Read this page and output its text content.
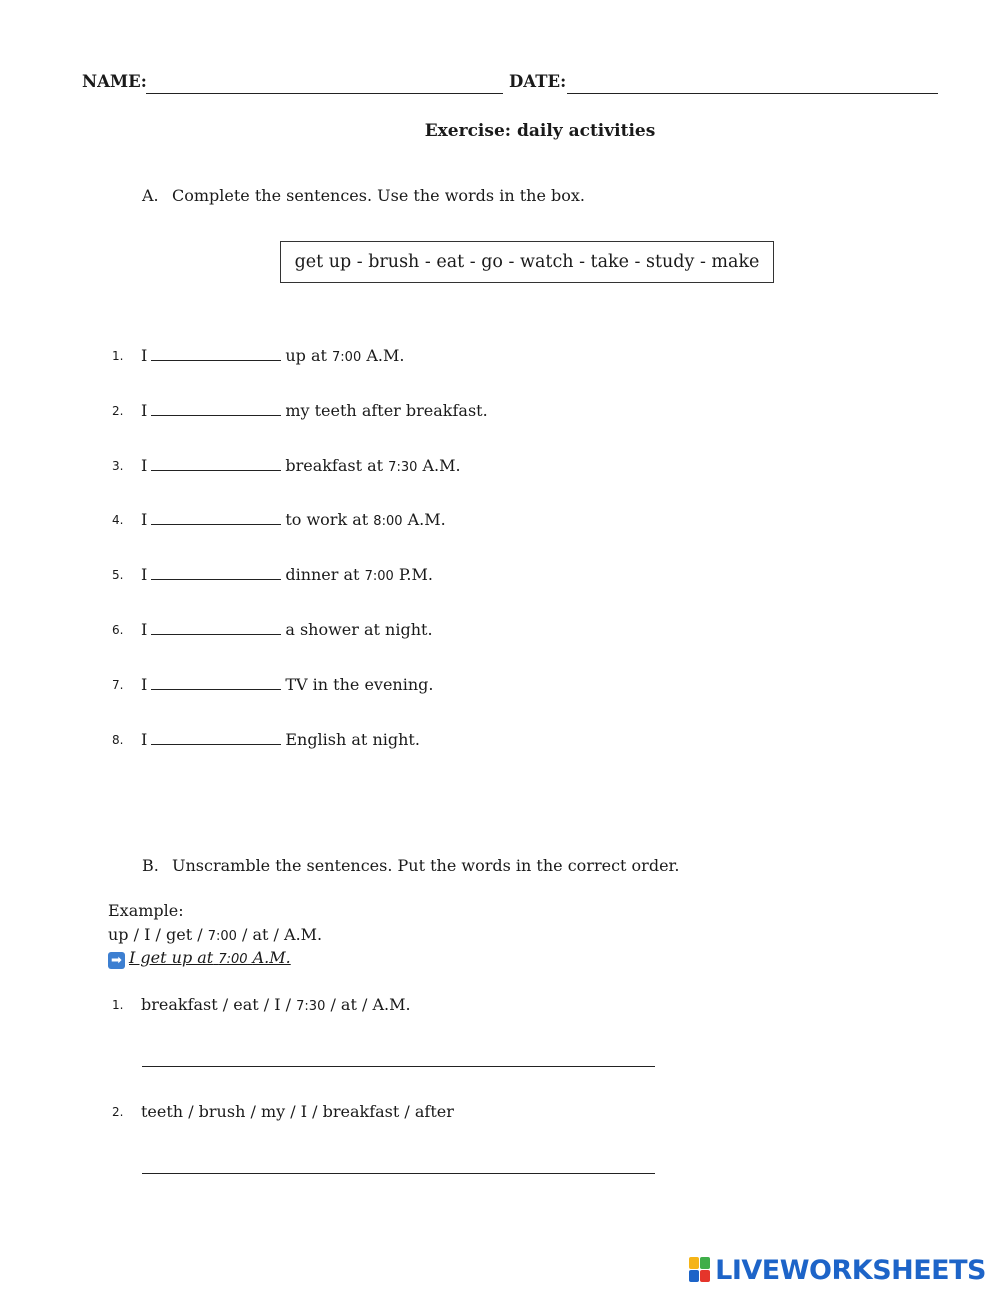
NAME:	DATE:
Exercise: daily activities
A. Complete the sentences. Use the words in the box.
get up ‑ brush ‑ eat ‑ go ‑ watch ‑ take ‑ study ‑ make
1. I	up at 7:00 A.M.
2. I	my teeth after breakfast.
3. I	breakfast at 7:30 A.M.
4. I	to work at 8:00 A.M.
5. I	dinner at 7:00 P.M.
6. I	a shower at night.
7. I	TV in the evening.
8. I	English at night.
B. Unscramble the sentences. Put the words in the correct order.
Example:
up / I / get / 7:00 / at / A.M.
➡ I get up at 7:00 A.M.
1. breakfast / eat / I / 7:30 / at / A.M.
2. teeth / brush / my / I / breakfast / after
LIVEWORKSHEETS
